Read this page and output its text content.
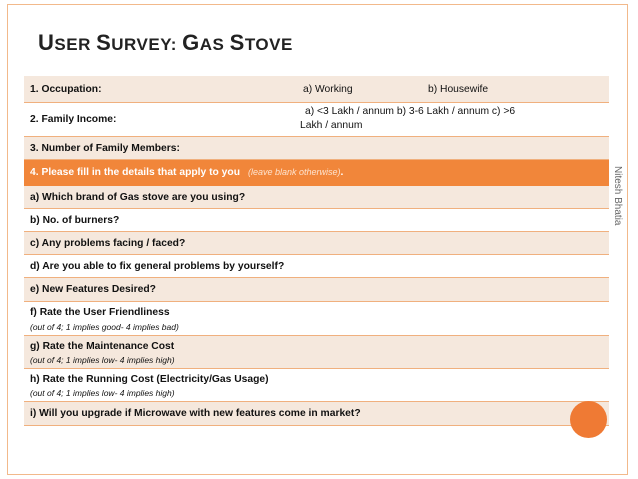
USER SURVEY: GAS STOVE
1. Occupation:	a) Working	b) Housewife
2. Family Income:
a) <3 Lakh / annum b) 3-6 Lakh / annum c) >6
Lakh / annum
3. Number of Family Members:
4. Please fill in the details that apply to you (leave blank otherwise).
a) Which brand of Gas stove are you using?
b) No. of burners?
c) Any problems facing / faced?
d) Are you able to fix general problems by yourself?
e) New Features Desired?
f) Rate the User Friendliness
(out of 4; 1 implies good- 4 implies bad)
g) Rate the Maintenance Cost
(out of 4; 1 implies low- 4 implies high)
h) Rate the Running Cost (Electricity/Gas Usage)
(out of 4; 1 implies low- 4 implies high)
i) Will you upgrade if Microwave with new features come in market?
Nitesh Bhatia
